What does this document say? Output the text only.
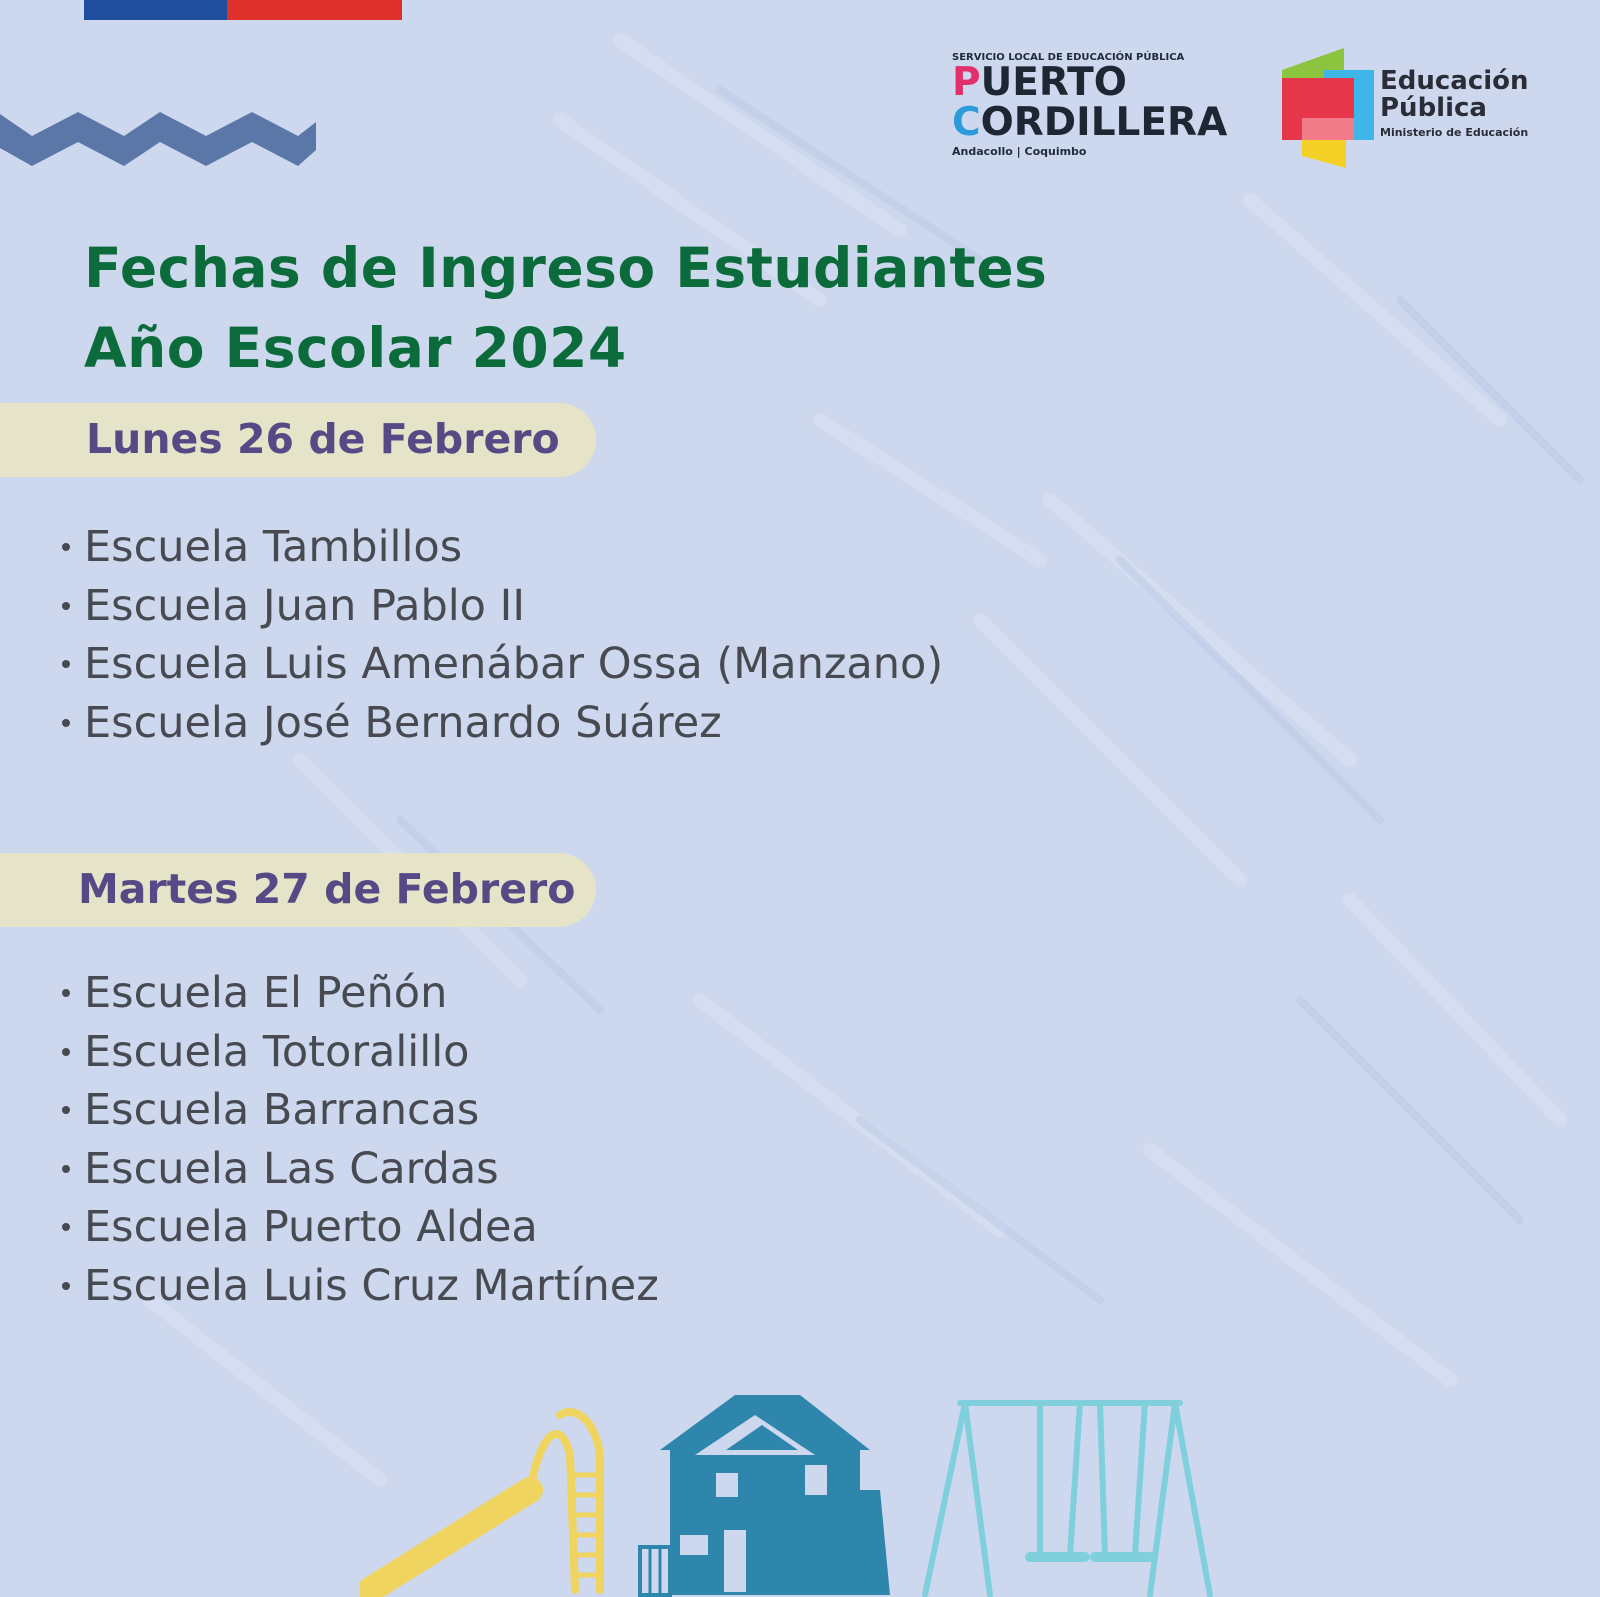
SERVICIO LOCAL DE EDUCACIÓN PÚBLICA
PUERTO
CORDILLERA
Andacollo | Coquimbo
Educación
Pública
Ministerio de Educación
Fechas de Ingreso Estudiantes
Año Escolar 2024
Lunes 26 de Febrero
Escuela Tambillos
Escuela Juan Pablo II
Escuela Luis Amenábar Ossa (Manzano)
Escuela José Bernardo Suárez
Martes 27 de Febrero
Escuela El Peñón
Escuela Totoralillo
Escuela Barrancas
Escuela Las Cardas
Escuela Puerto Aldea
Escuela Luis Cruz Martínez
